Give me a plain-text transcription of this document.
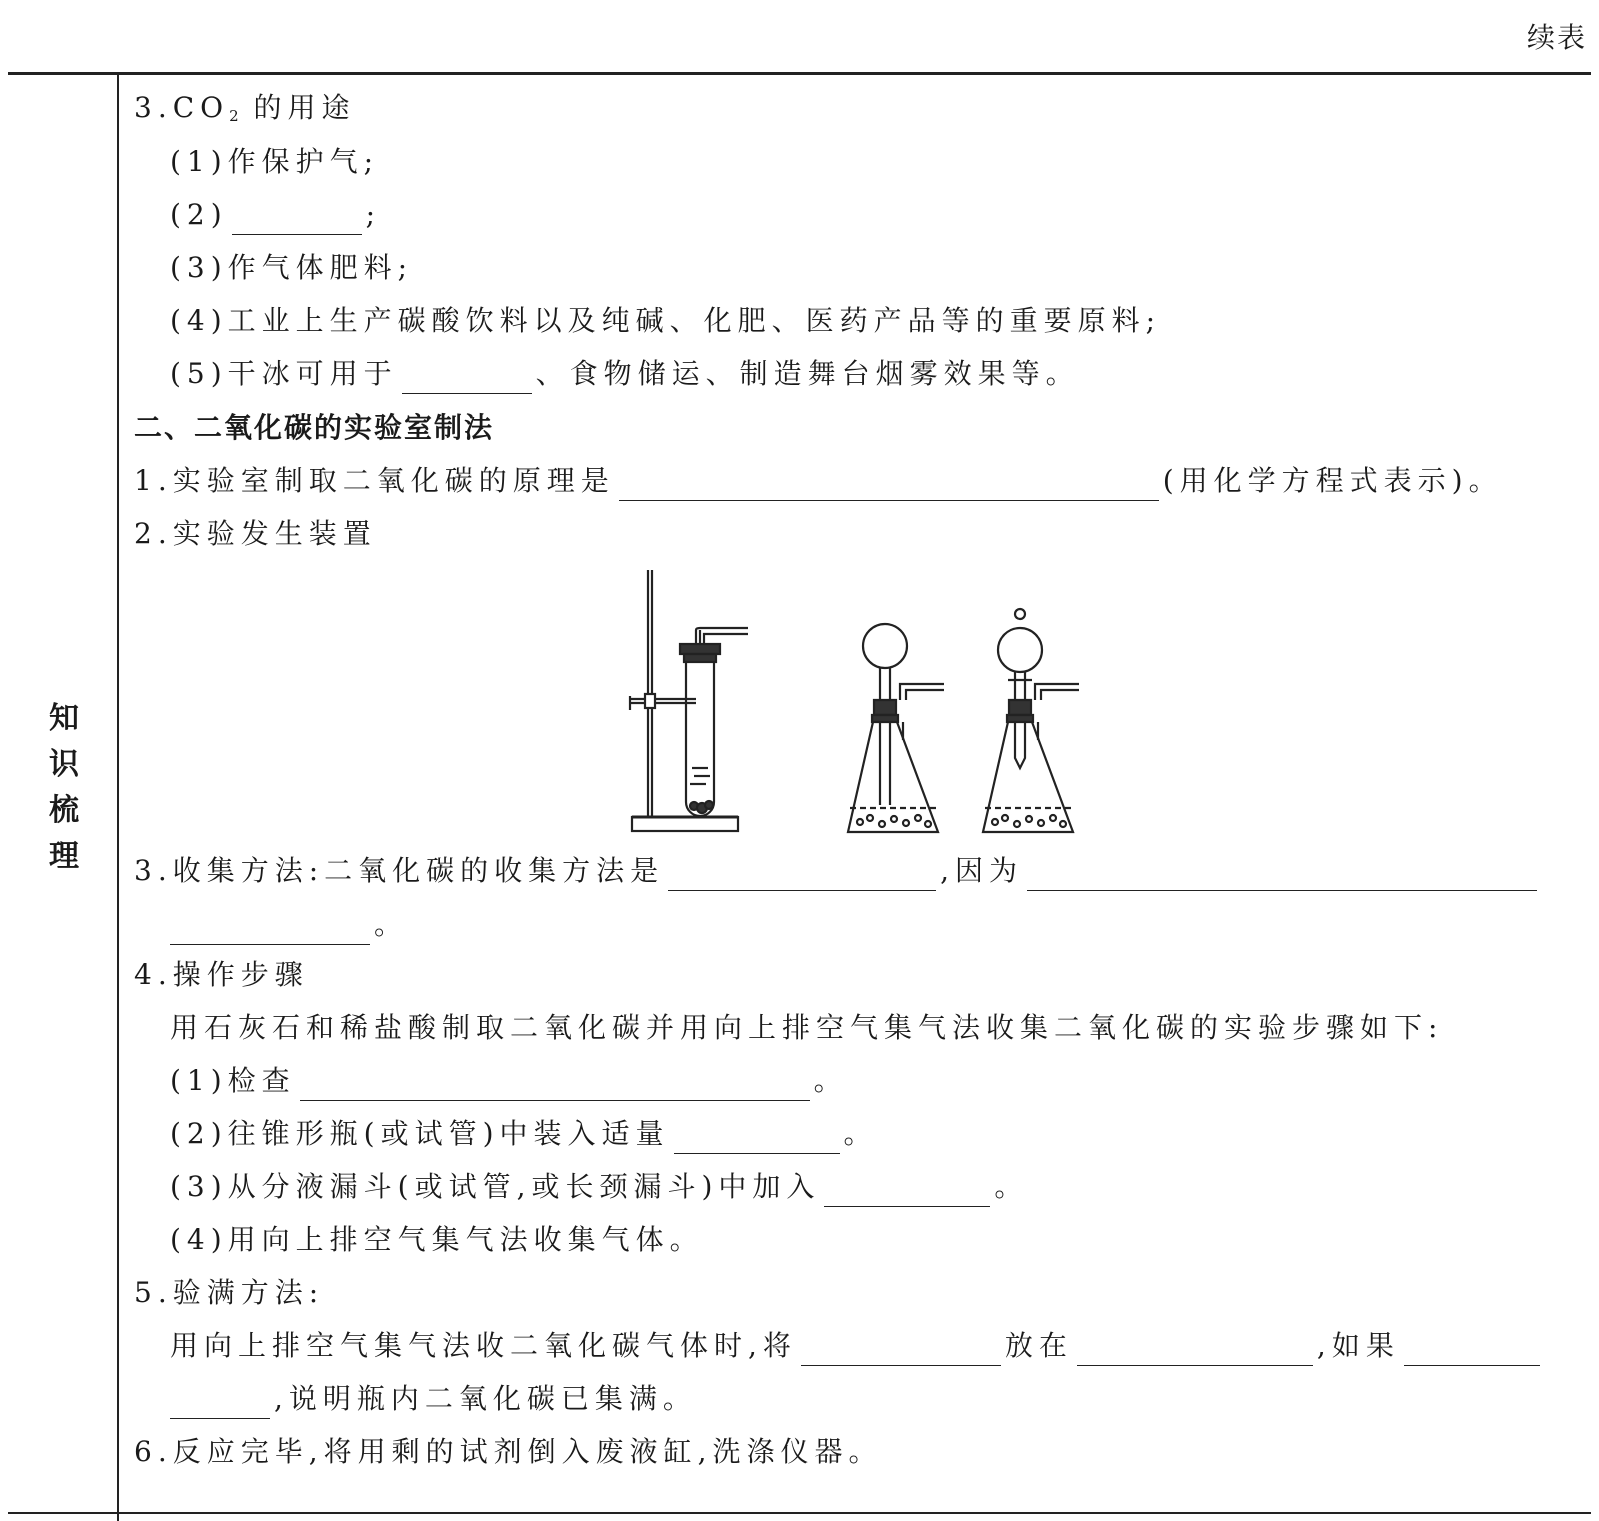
续表
知
识
梳
理
$3.CO_2$ 的用途
(1)作保护气;
(2)	;
(3)作气体肥料;
(4)工业上生产碳酸饮料以及纯碱、化肥、医药产品等的重要原料;
(5)干冰可用于	、食物储运、制造舞台烟雾效果等。
二、二氧化碳的实验室制法
1.实验室制取二氧化碳的原理是	(用化学方程式表示)。
2.实验发生装置
3.收集方法:二氧化碳的收集方法是	,因为
。
4.操作步骤
用石灰石和稀盐酸制取二氧化碳并用向上排空气集气法收集二氧化碳的实验步骤如下:
(1)检查	。
(2)往锥形瓶(或试管)中装入适量	。
(3)从分液漏斗(或试管,或长颈漏斗)中加入	。
(4)用向上排空气集气法收集气体。
5.验满方法:
用向上排空气集气法收二氧化碳气体时,将	放在	,如果
,说明瓶内二氧化碳已集满。
6.反应完毕,将用剩的试剂倒入废液缸,洗涤仪器。
